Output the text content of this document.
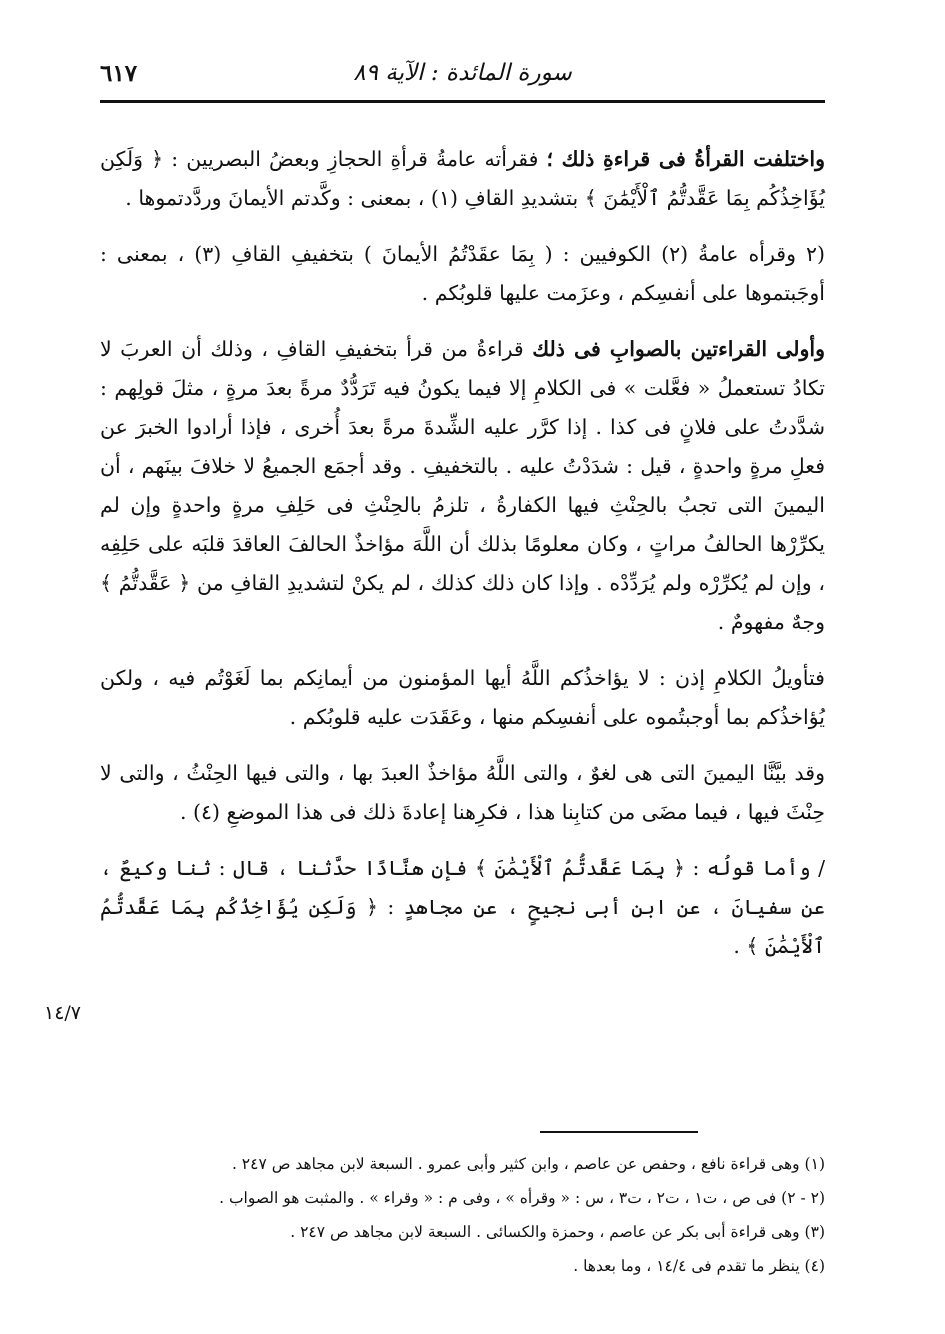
سورة المائدة : الآية ٨٩
٦١٧

واختلفت القرأةُ فى قراءةِ ذلك ؛ فقرأته عامةُ قرأةِ الحجازِ وبعضُ البصريين : ﴿ وَلَكِن يُؤَاخِذُكُم بِمَا عَقَّدتُّمُ ٱلْأَيْمَٰنَ ﴾ بتشديدِ القافِ (١) ، بمعنى : وكَّدتم الأيمانَ وردَّدتموها .

(٢ وقرأه عامةُ (٢) الكوفيين : ( بِمَا عقَدْتُمُ الأيمانَ ) بتخفيفِ القافِ (٣) ، بمعنى : أوجَبتموها على أنفسِكم ، وعزَمت عليها قلوبُكم .

وأولى القراءتين بالصوابِ فى ذلك قراءةُ من قرأ بتخفيفِ القافِ ، وذلك أن العربَ لا تكادُ تستعملُ « فعَّلت » فى الكلامِ إلا فيما يكونُ فيه تَرَدُّدٌ مرةً بعدَ مرةٍ ، مثلَ قولِهم : شدَّدتُ على فلانٍ فى كذا . إذا كرَّر عليه الشِّدةَ مرةً بعدَ أُخرى ، فإذا أرادوا الخبرَ عن فعلِ مرةٍ واحدةٍ ، قيل : شدَدْتُ عليه . بالتخفيفِ . وقد أجمَع الجميعُ لا خلافَ بينَهم ، أن اليمينَ التى تجبُ بالحِنْثِ فيها الكفارةُ ، تلزمُ بالحِنْثِ فى حَلِفِ مرةٍ واحدةٍ وإن لم يكرِّرْها الحالفُ مراتٍ ، وكان معلومًا بذلك أن اللَّهَ مؤاخذٌ الحالفَ العاقدَ قلبَه على حَلِفِه ، وإن لم يُكرِّرْه ولم يُرَدِّدْه . وإذا كان ذلك كذلك ، لم يكنْ لتشديدِ القافِ من ﴿ عَقَّدتُّمُ ﴾ وجهٌ مفهومٌ .

فتأويلُ الكلامِ إذن : لا يؤاخذُكم اللَّهُ أيها المؤمنون من أيمانِكم بما لَغَوْتُم فيه ، ولكن يُؤاخذُكم بما أوجبتُموه على أنفسِكم منها ، وعَقَدَت عليه قلوبُكم .

وقد بيَّنَّا اليمينَ التى هى لغوٌ ، والتى اللَّهُ مؤاخذٌ العبدَ بها ، والتى فيها الحِنْثُ ، والتى لا حِنْثَ فيها ، فيما مضَى من كتابِنا هذا ، فكرِهنا إعادةَ ذلك فى هذا الموضعِ (٤) .

/ وأما قولُه : ﴿ بِمَا عَقَّدتُّمُ ٱلْأَيْمَٰنَ ﴾ فإن هنَّادًا حدَّثنا ، قال : ثنا وكيعٌ ، عن سفيانَ ، عن ابنِ أبى نجيحٍ ، عن مجاهدٍ : ﴿ وَلَكِن يُؤَاخِذُكُم بِمَا عَقَّدتُّمُ ٱلْأَيْمَٰنَ ﴾ .

١٤/٧

(١) وهى قراءة نافع ، وحفص عن عاصم ، وابن كثير وأبى عمرو . السبعة لابن مجاهد ص ٢٤٧ .

(٢ - ٢) فى ص ، ت١ ، ت٢ ، ت٣ ، س : « وقرأه » ، وفى م : « وقراء » . والمثبت هو الصواب .

(٣) وهى قراءة أبى بكر عن عاصم ، وحمزة والكسائى . السبعة لابن مجاهد ص ٢٤٧ .

(٤) ينظر ما تقدم فى ١٤/٤ ، وما بعدها .
